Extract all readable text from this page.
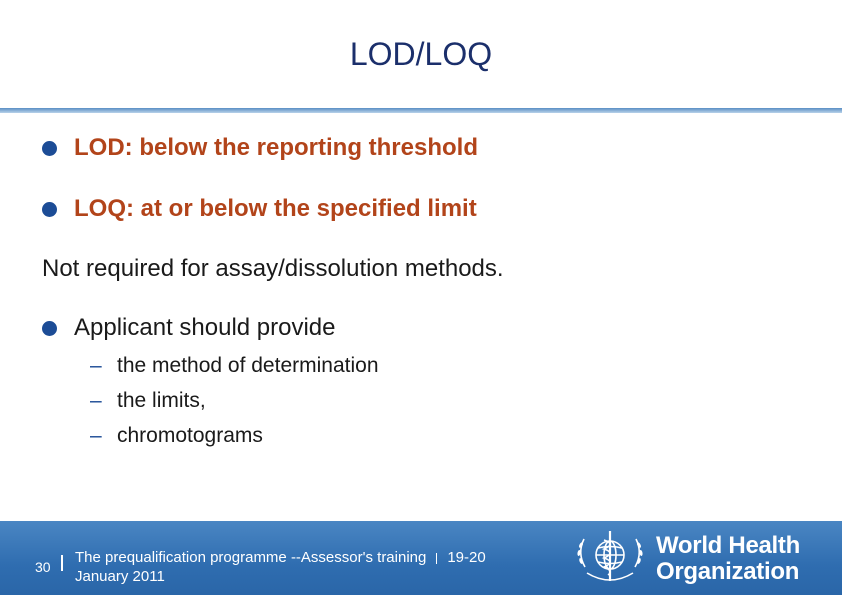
LOD/LOQ
LOD: below the reporting threshold
LOQ: at or below the specified limit
Not required for assay/dissolution methods.
Applicant should provide
– the method of determination
– the limits,
– chromotograms
30
The prequalification programme --Assessor's training 19-20
January 2011
World Health
Organization
